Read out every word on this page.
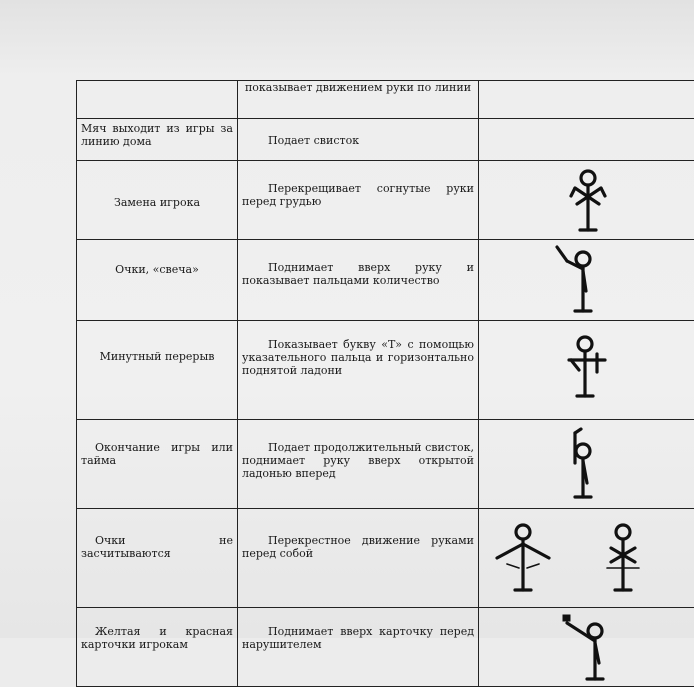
	показывает движением руки по линии	

Мяч выходит из игры за линию дома	Подает свисток	

Замена игрока	Перекрещивает согнутые руки перед грудью

Очки, «свеча»	Поднимает вверх руку и показывает пальцами количество

Минутный перерыв	Показывает букву «Т» с помощью указательного пальца и горизонтально поднятой ладони

Окончание игры или тайма	Подает продолжительный свисток, поднимает руку вверх открытой ладонью вперед

Очки не засчитываются	Перекрестное движение руками перед собой

Желтая и красная карточки игрокам	Поднимает вверх карточку перед нарушителем
